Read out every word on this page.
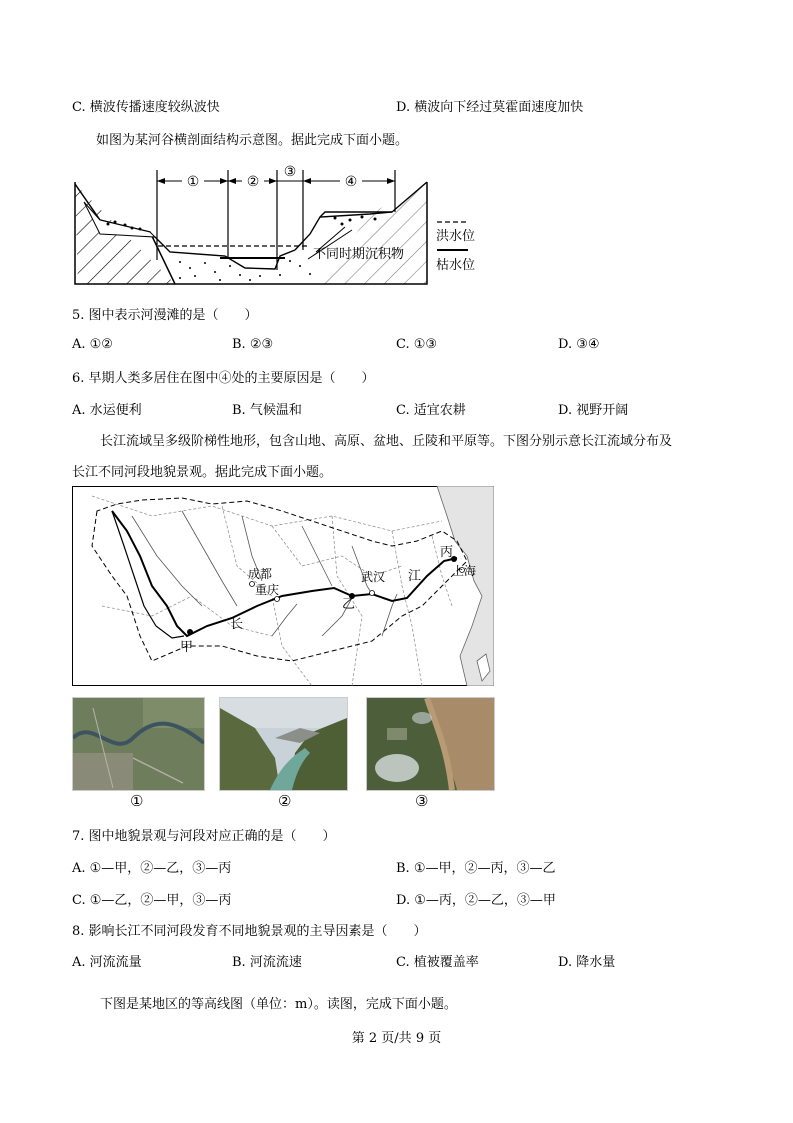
C. 横波传播速度较纵波快	D. 横波向下经过莫霍面速度加快
如图为某河谷横剖面结构示意图。据此完成下面小题。
①	②
③
④
不同时期沉积物
洪水位
枯水位
5. 图中表示河漫滩的是（　　）
A. ①②	B. ②③	C. ①③	D. ③④
6. 早期人类多居住在图中④处的主要原因是（　　）
A. 水运便利	B. 气候温和	C. 适宜农耕	D. 视野开阔
长江流域呈多级阶梯性地形，包含山地、高原、盆地、丘陵和平原等。下图分别示意长江流域分布及
长江不同河段地貌景观。据此完成下面小题。
成都
重庆
武汉	上海
甲
乙
丙
长
江
①	②	③
7. 图中地貌景观与河段对应正确的是（　　）
A. ①—甲，②—乙，③—丙	B. ①—甲，②—丙，③—乙
C. ①—乙，②—甲，③—丙	D. ①—丙，②—乙，③—甲
8. 影响长江不同河段发育不同地貌景观的主导因素是（　　）
A. 河流流量	B. 河流流速	C. 植被覆盖率	D. 降水量
下图是某地区的等高线图（单位：m）。读图，完成下面小题。
第 2 页/共 9 页
